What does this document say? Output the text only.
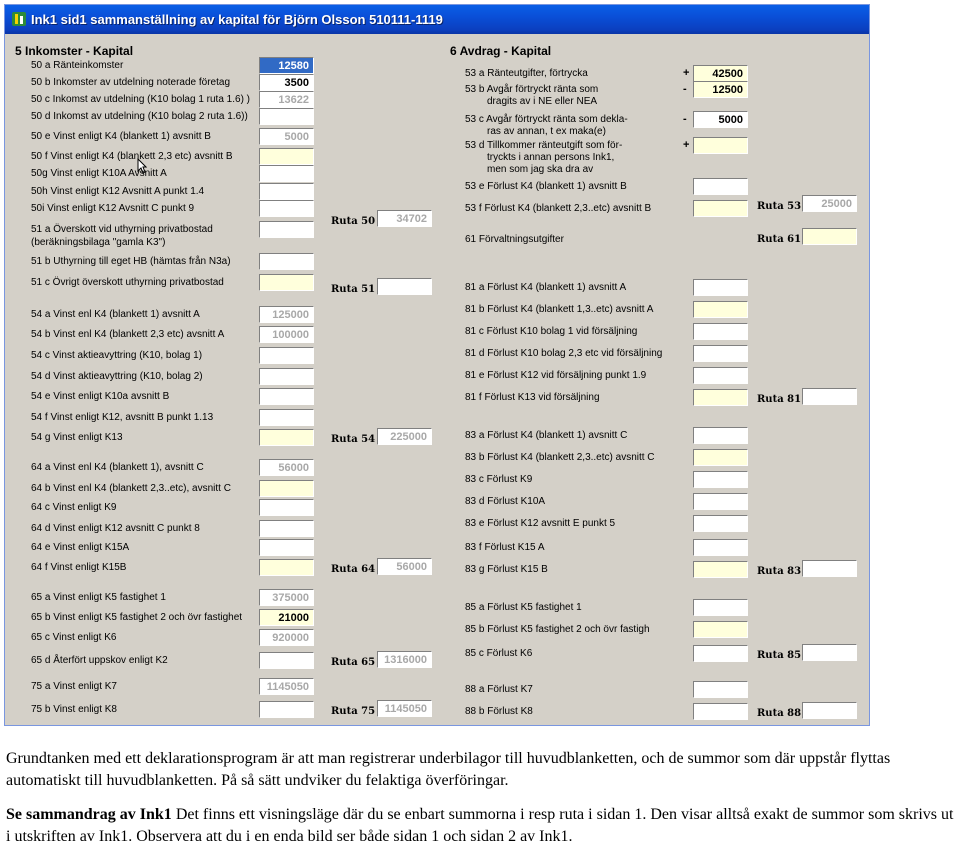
Ink1 sid1 sammanställning av kapital för Björn Olsson 510111-1119
5 Inkomster - Kapital	6 Avdrag - Kapital
50 a Ränteinkomster	12580
50 b Inkomster av utdelning noterade företag	3500
50 c Inkomst av utdelning (K10 bolag 1 ruta 1.6) )	13622
50 d Inkomst av utdelning (K10 bolag 2 ruta 1.6))
50 e Vinst enligt K4 (blankett 1) avsnitt B	5000
50 f Vinst enligt K4 (blankett 2,3 etc) avsnitt B
50g Vinst enligt K10A Avsnitt A
50h Vinst enligt K12 Avsnitt A punkt 1.4
50i Vinst enligt K12 Avsnitt C punkt 9
51 a Överskott vid uthyrning privatbostad
(beräkningsbilaga "gamla K3")
51 b Uthyrning till eget HB (hämtas från N3a)
51 c Övrigt överskott uthyrning privatbostad
54 a Vinst enl K4 (blankett 1) avsnitt A	125000
54 b Vinst enl K4 (blankett 2,3 etc) avsnitt A	100000
54 c Vinst aktieavyttring (K10, bolag 1)
54 d Vinst aktieavyttring (K10, bolag 2)
54 e Vinst enligt K10a avsnitt B
54 f Vinst enligt K12, avsnitt B punkt 1.13
54 g Vinst enligt K13
64 a Vinst enl K4 (blankett 1), avsnitt C	56000
64 b Vinst enl K4 (blankett 2,3..etc), avsnitt C
64 c Vinst enligt K9
64 d Vinst enligt K12 avsnitt C punkt 8
64 e Vinst enligt K15A
64 f Vinst enligt K15B
65 a Vinst enligt K5 fastighet 1	375000
65 b Vinst enligt K5 fastighet 2 och övr fastighet	21000
65 c Vinst enligt K6	920000
65 d Återfört uppskov enligt K2
75 a Vinst enligt K7	1145050
75 b Vinst enligt K8
Ruta 50	34702
Ruta 51
Ruta 54	225000
Ruta 64	56000
Ruta 65 1316000
Ruta 75 1145050
53 a Ränteutgifter, förtrycka	+	42500
53 b Avgår förtryckt ränta som	-	12500
dragits av i NE eller NEA
53 c Avgår förtryckt ränta som dekla-	-	5000
ras av annan, t ex maka(e)
53 d Tillkommer ränteutgift som för-	+
tryckts i annan persons Ink1,
men som jag ska dra av
53 e Förlust K4 (blankett 1) avsnitt B
53 f Förlust K4 (blankett 2,3..etc) avsnitt B
61 Förvaltningsutgifter
81 a Förlust K4 (blankett 1) avsnitt A
81 b Förlust K4 (blankett 1,3..etc) avsnitt A
81 c Förlust K10 bolag 1 vid försäljning
81 d Förlust K10 bolag 2,3 etc vid försäljning
81 e Förlust K12 vid försäljning punkt 1.9
81 f Förlust K13 vid försäljning
83 a Förlust K4 (blankett 1) avsnitt C
83 b Förlust K4 (blankett 2,3..etc) avsnitt C
83 c Förlust K9
83 d Förlust K10A
83 e Förlust K12 avsnitt E punkt 5
83 f Förlust K15 A
83 g Förlust K15 B
85 a Förlust K5 fastighet 1
85 b Förlust K5 fastighet 2 och övr fastigh
85 c Förlust K6
88 a Förlust K7
88 b Förlust K8
Ruta 53	25000
Ruta 61
Ruta 81
Ruta 83
Ruta 85
Ruta 88

Grundtanken med ett deklarationsprogram är att man registrerar underbilagor till huvudblanketten, och de summor som där uppstår flyttas automatiskt till huvudblanketten. På så sätt undviker du felaktiga överföringar.

Se sammandrag av Ink1 Det finns ett visningsläge där du se enbart summorna i resp ruta i sidan 1. Den visar alltså exakt de summor som skrivs ut i utskriften av Ink1. Observera att du i en enda bild ser både sidan 1 och sidan 2 av Ink1.
